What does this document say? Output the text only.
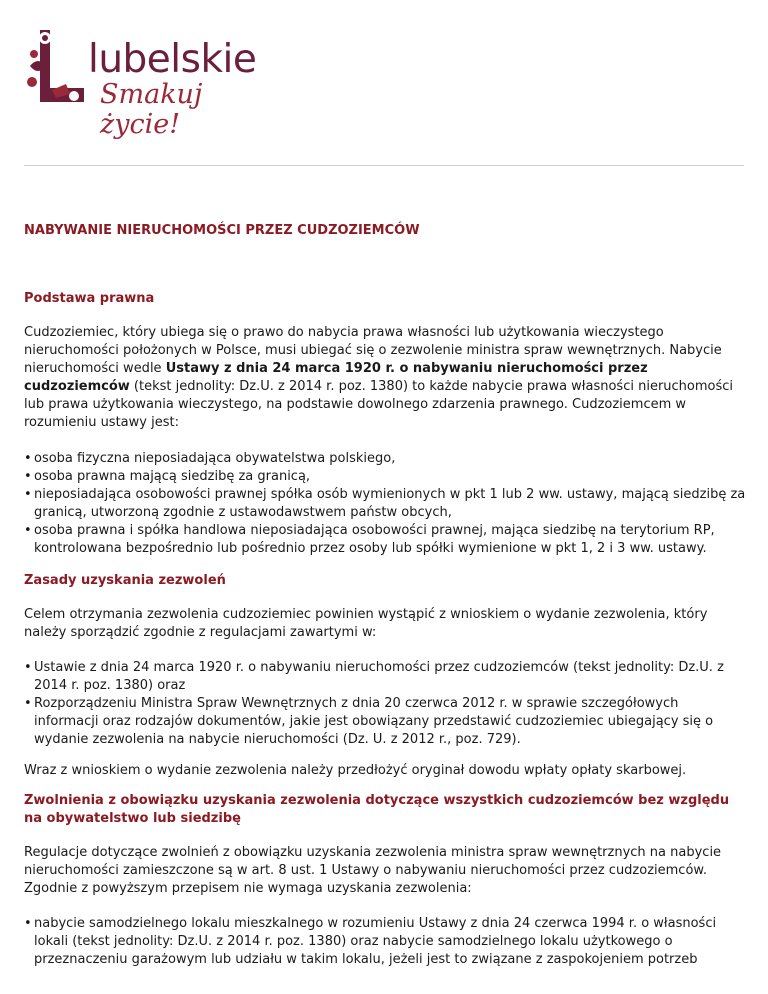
lubelskie
Smakuj życie!
NABYWANIE NIERUCHOMOŚCI PRZEZ CUDZOZIEMCÓW
Podstawa prawna

Cudzoziemiec, który ubiega się o prawo do nabycia prawa własności lub użytkowania wieczystego nieruchomości położonych w Polsce, musi ubiegać się o zezwolenie ministra spraw wewnętrznych. Nabycie nieruchomości wedle Ustawy z dnia 24 marca 1920 r. o nabywaniu nieruchomości przez cudzoziemców (tekst jednolity: Dz.U. z 2014 r. poz. 1380) to każde nabycie prawa własności nieruchomości lub prawa użytkowania wieczystego, na podstawie dowolnego zdarzenia prawnego. Cudzoziemcem w rozumieniu ustawy jest:

• osoba fizyczna nieposiadająca obywatelstwa polskiego,
• osoba prawna mającą siedzibę za granicą,
• nieposiadająca osobowości prawnej spółka osób wymienionych w pkt 1 lub 2 ww. ustawy, mającą siedzibę za granicą, utworzoną zgodnie z ustawodawstwem państw obcych,
• osoba prawna i spółka handlowa nieposiadająca osobowości prawnej, mająca siedzibę na terytorium RP, kontrolowana bezpośrednio lub pośrednio przez osoby lub spółki wymienione w pkt 1, 2 i 3 ww. ustawy.
Zasady uzyskania zezwoleń

Celem otrzymania zezwolenia cudzoziemiec powinien wystąpić z wnioskiem o wydanie zezwolenia, który należy sporządzić zgodnie z regulacjami zawartymi w:

• Ustawie z dnia 24 marca 1920 r. o nabywaniu nieruchomości przez cudzoziemców (tekst jednolity: Dz.U. z 2014 r. poz. 1380) oraz
• Rozporządzeniu Ministra Spraw Wewnętrznych z dnia 20 czerwca 2012 r. w sprawie szczegółowych informacji oraz rodzajów dokumentów, jakie jest obowiązany przedstawić cudzoziemiec ubiegający się o wydanie zezwolenia na nabycie nieruchomości (Dz. U. z 2012 r., poz. 729).

Wraz z wnioskiem o wydanie zezwolenia należy przedłożyć oryginał dowodu wpłaty opłaty skarbowej.

Zwolnienia z obowiązku uzyskania zezwolenia dotyczące wszystkich cudzoziemców bez względu na obywatelstwo lub siedzibę

Regulacje dotyczące zwolnień z obowiązku uzyskania zezwolenia ministra spraw wewnętrznych na nabycie nieruchomości zamieszczone są w art. 8 ust. 1 Ustawy o nabywaniu nieruchomości przez cudzoziemców. Zgodnie z powyższym przepisem nie wymaga uzyskania zezwolenia:

• nabycie samodzielnego lokalu mieszkalnego w rozumieniu Ustawy z dnia 24 czerwca 1994 r. o własności lokali (tekst jednolity: Dz.U. z 2014 r. poz. 1380) oraz nabycie samodzielnego lokalu użytkowego o przeznaczeniu garażowym lub udziału w takim lokalu, jeżeli jest to związane z zaspokojeniem potrzeb
